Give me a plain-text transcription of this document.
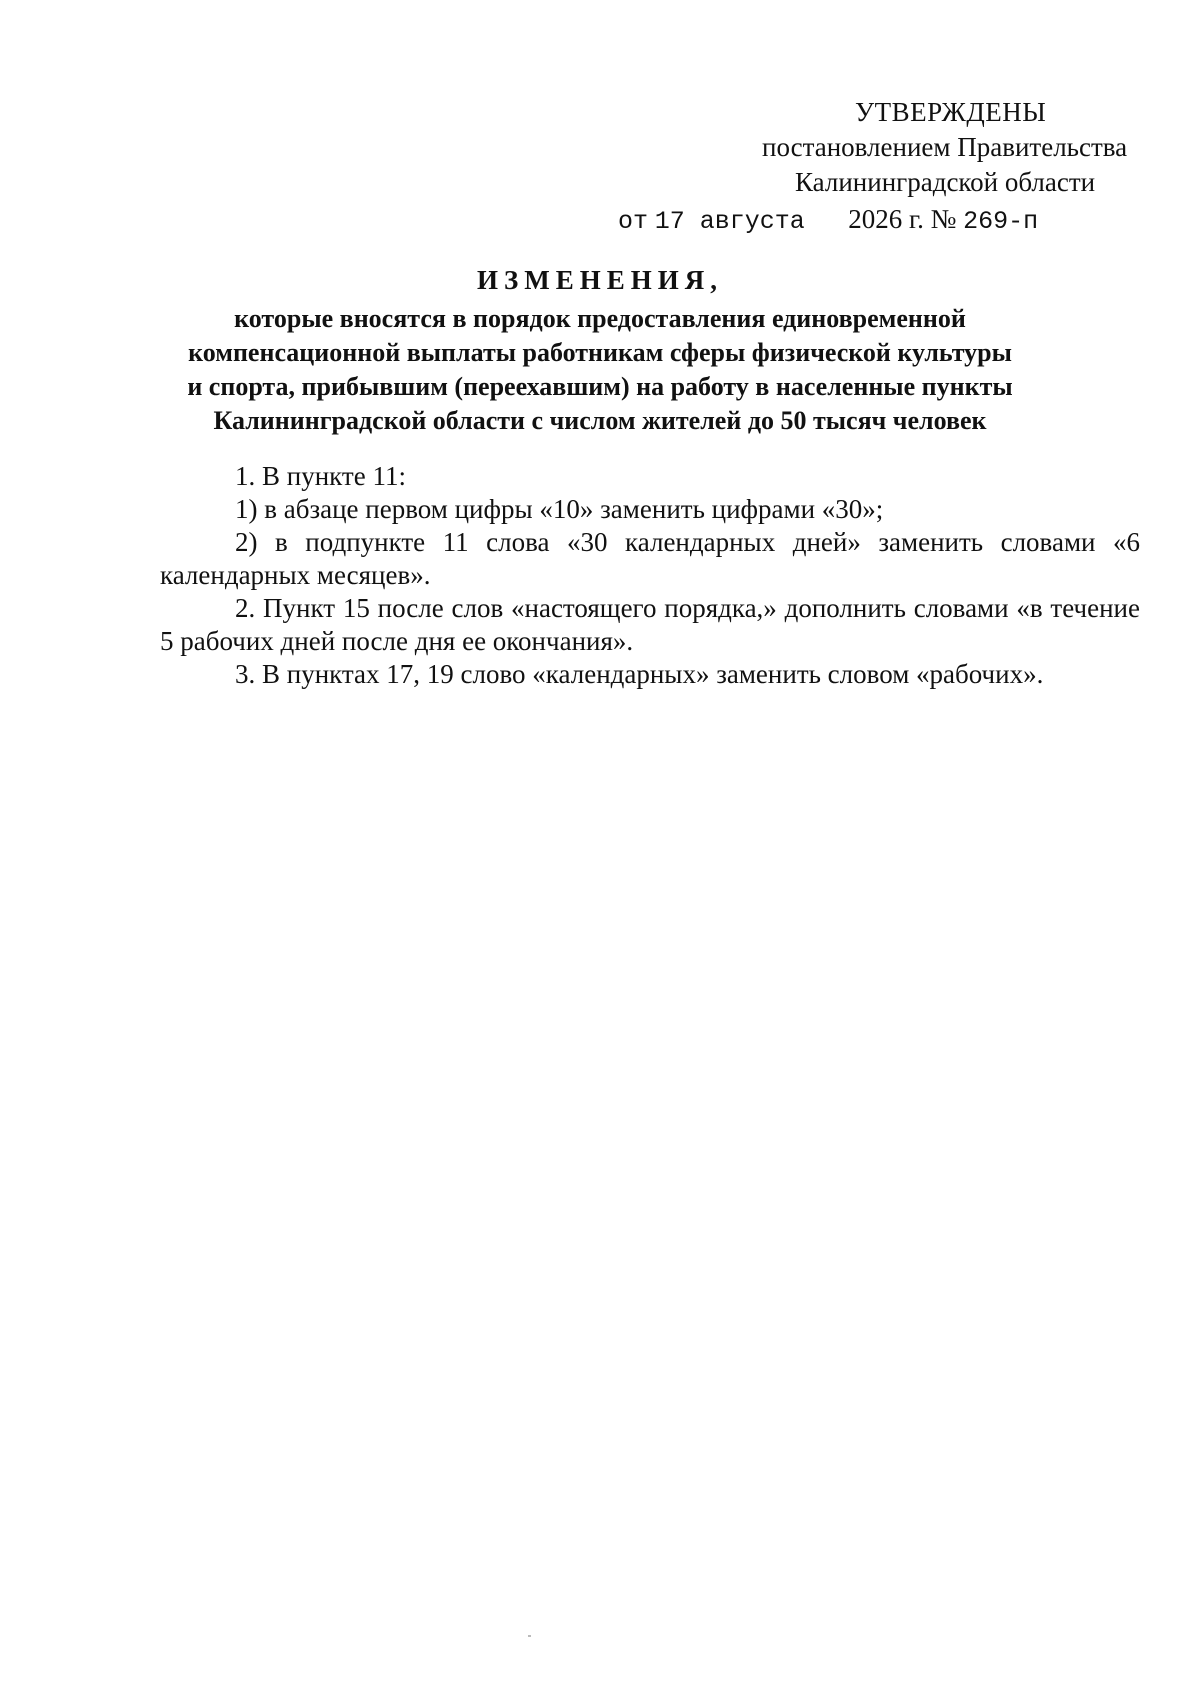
УТВЕРЖДЕНЫ
постановлением Правительства
Калининградской области
от 17 августа 2026 г. № 269-п
ИЗМЕНЕНИЯ,
которые вносятся в порядок предоставления единовременной
компенсационной выплаты работникам сферы физической культуры
и спорта, прибывшим (переехавшим) на работу в населенные пункты
Калининградской области с числом жителей до 50 тысяч человек

1. В пункте 11:

1) в абзаце первом цифры «10» заменить цифрами «30»;

2) в подпункте 11 слова «30 календарных дней» заменить словами «6 календарных месяцев».

2. Пункт 15 после слов «настоящего порядка,» дополнить словами «в течение 5 рабочих дней после дня ее окончания».

3. В пунктах 17, 19 слово «календарных» заменить словом «рабочих».
